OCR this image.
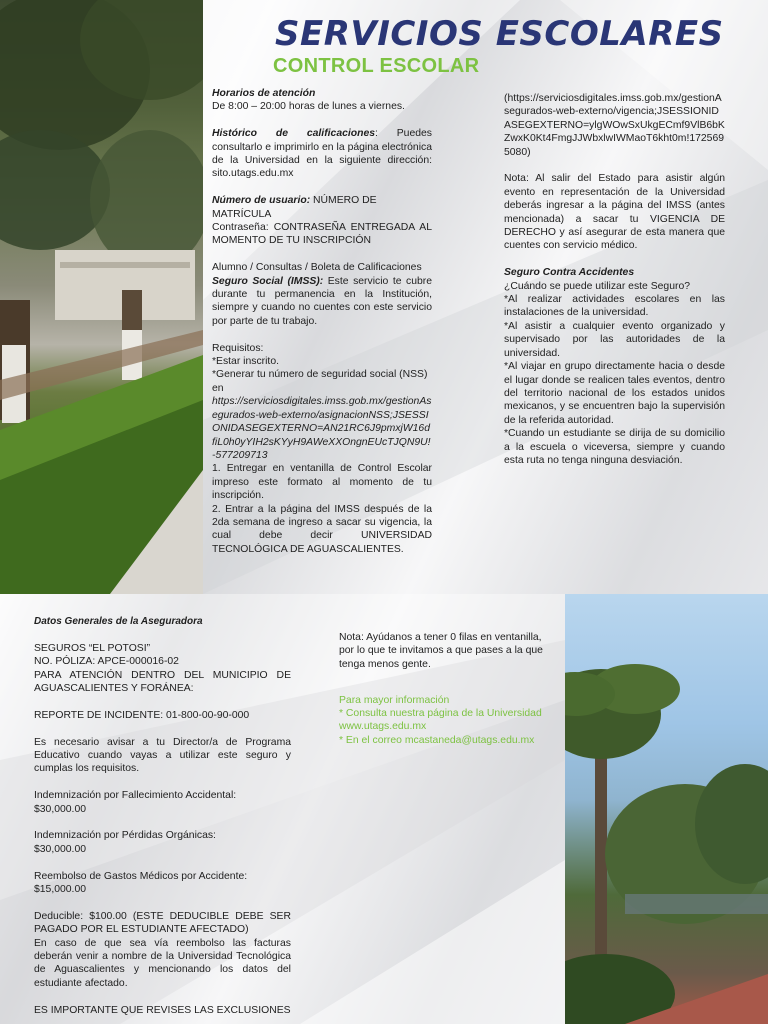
SERVICIOS ESCOLARES
CONTROL ESCOLAR

Horarios de atención

De 8:00 – 20:00 horas de lunes a viernes.

Histórico de calificaciones: Puedes consultarlo e imprimirlo en la página electrónica de la Universidad en la siguiente dirección: sito.utags.edu.mx

Número de usuario: NÚMERO DE MATRÍCULA

Contraseña: CONTRASEÑA ENTREGADA AL MOMENTO DE TU INSCRIPCIÓN

Alumno / Consultas / Boleta de Calificaciones

Seguro Social (IMSS): Este servicio te cubre durante tu permanencia en la Institución, siempre y cuando no cuentes con este servicio por parte de tu trabajo.

Requisitos:

*Estar inscrito.

*Generar tu número de seguridad social (NSS) en

https://serviciosdigitales.imss.gob.mx/gestionAsegurados-web-externo/asignacionNSS;JSESSIONIDASEGEXTERNO=AN21RC6J9pmxjW16dfiL0h0yYIH2sKYyH9AWeXXOngnEUcTJQN9U!-577209713

1. Entregar en ventanilla de Control Escolar impreso este formato al momento de tu inscripción.

2. Entrar a la página del IMSS después de la 2da semana de ingreso a sacar su vigencia, la cual debe decir UNIVERSIDAD TECNOLÓGICA DE AGUASCALIENTES.

(https://serviciosdigitales.imss.gob.mx/gestionAsegurados-web-externo/vigencia;JSESSIONIDASEGEXTERNO=ylgWOwSxUkgECmf9VlB6bKZwxK0Kt4FmgJJWbxlwIWMaoT6kht0m!1725695080)

Nota: Al salir del Estado para asistir algún evento en representación de la Universidad deberás ingresar a la página del IMSS (antes mencionada) a sacar tu VIGENCIA DE DERECHO y así asegurar de esta manera que cuentes con servicio médico.

Seguro Contra Accidentes

¿Cuándo se puede utilizar este Seguro?

*Al realizar actividades escolares en las instalaciones de la universidad.

*Al asistir a cualquier evento organizado y supervisado por las autoridades de la universidad.

*Al viajar en grupo directamente hacia o desde el lugar donde se realicen tales eventos, dentro del territorio nacional de los estados unidos mexicanos, y se encuentren bajo la supervisión de la referida autoridad.

*Cuando un estudiante se dirija de su domicilio a la escuela o viceversa, siempre y cuando esta ruta no tenga ninguna desviación.

Datos Generales de la Aseguradora

SEGUROS “EL POTOSI”

NO. PÓLIZA: APCE-000016-02

PARA ATENCIÓN DENTRO DEL MUNICIPIO DE AGUASCALIENTES Y FORÁNEA:

REPORTE DE INCIDENTE: 01-800-00-90-000

Es necesario avisar a tu Director/a de Programa Educativo cuando vayas a utilizar este seguro y cumplas los requisitos.

Indemnización por Fallecimiento Accidental:

$30,000.00

Indemnización por Pérdidas Orgánicas:

$30,000.00

Reembolso de Gastos Médicos por Accidente:

$15,000.00

Deducible: $100.00 (ESTE DEDUCIBLE DEBE SER PAGADO POR EL ESTUDIANTE AFECTADO)

En caso de que sea vía reembolso las facturas deberán venir a nombre de la Universidad Tecnológica de Aguascalientes y mencionando los datos del estudiante afectado.

ES IMPORTANTE QUE REVISES LAS EXCLUSIONES

Nota: Ayúdanos a tener 0 filas en ventanilla, por lo que te invitamos a que pases a la que tenga menos gente.

Para mayor información

* Consulta nuestra página de la Universidad

www.utags.edu.mx

* En el correo mcastaneda@utags.edu.mx
